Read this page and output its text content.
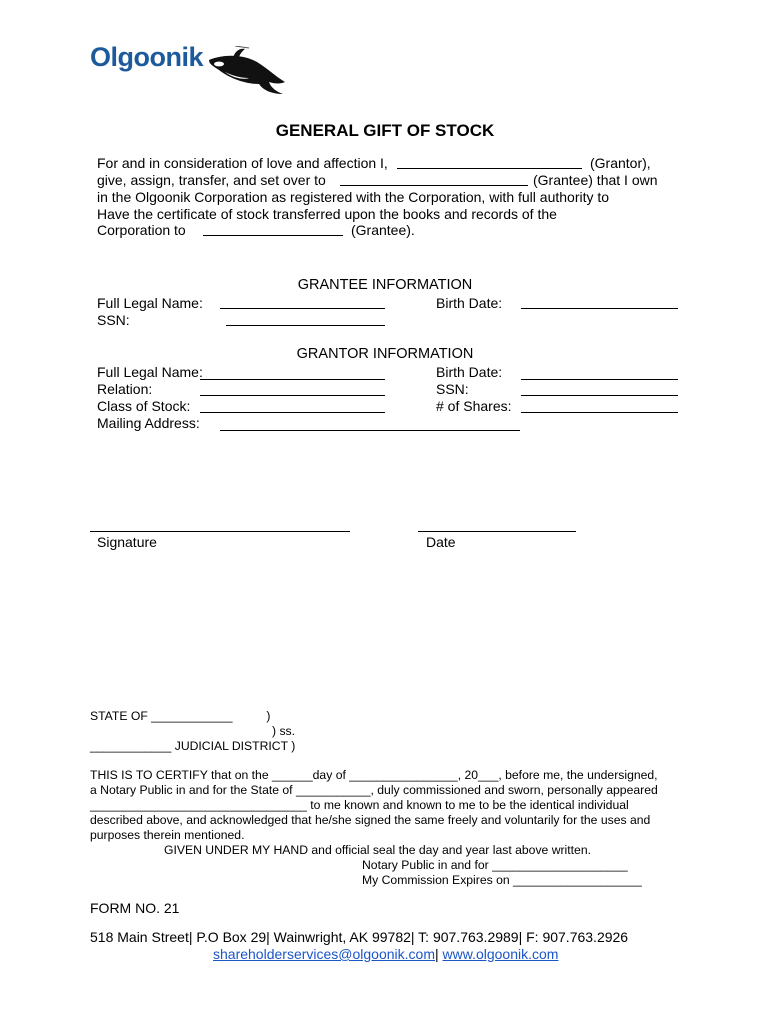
Olgoonik
GENERAL GIFT OF STOCK
For and in consideration of love and affection I,	(Grantor),
give, assign, transfer, and set over to	(Grantee) that I own
in the Olgoonik Corporation as registered with the Corporation, with full authority to
Have the certificate of stock transferred upon the books and records of the
Corporation to	(Grantee).
GRANTEE INFORMATION
Full Legal Name:	Birth Date:
SSN:
GRANTOR INFORMATION
Full Legal Name:	Birth Date:
Relation:	SSN:
Class of Stock:	# of Shares:
Mailing Address:
Signature	Date
STATE OF ____________          )
) ss.
____________ JUDICIAL DISTRICT )
THIS IS TO CERTIFY that on the ______day of ________________, 20___, before me, the undersigned,
a Notary Public in and for the State of ___________, duly commissioned and sworn, personally appeared
________________________________ to me known and known to me to be the identical individual
described above, and acknowledged that he/she signed the same freely and voluntarily for the uses and
purposes therein mentioned.
GIVEN UNDER MY HAND and official seal the day and year last above written.
Notary Public in and for ____________________
My Commission Expires on ___________________
FORM NO. 21
518 Main Street| P.O Box 29| Wainwright, AK 99782| T: 907.763.2989| F: 907.763.2926
shareholderservices@olgoonik.com| www.olgoonik.com
